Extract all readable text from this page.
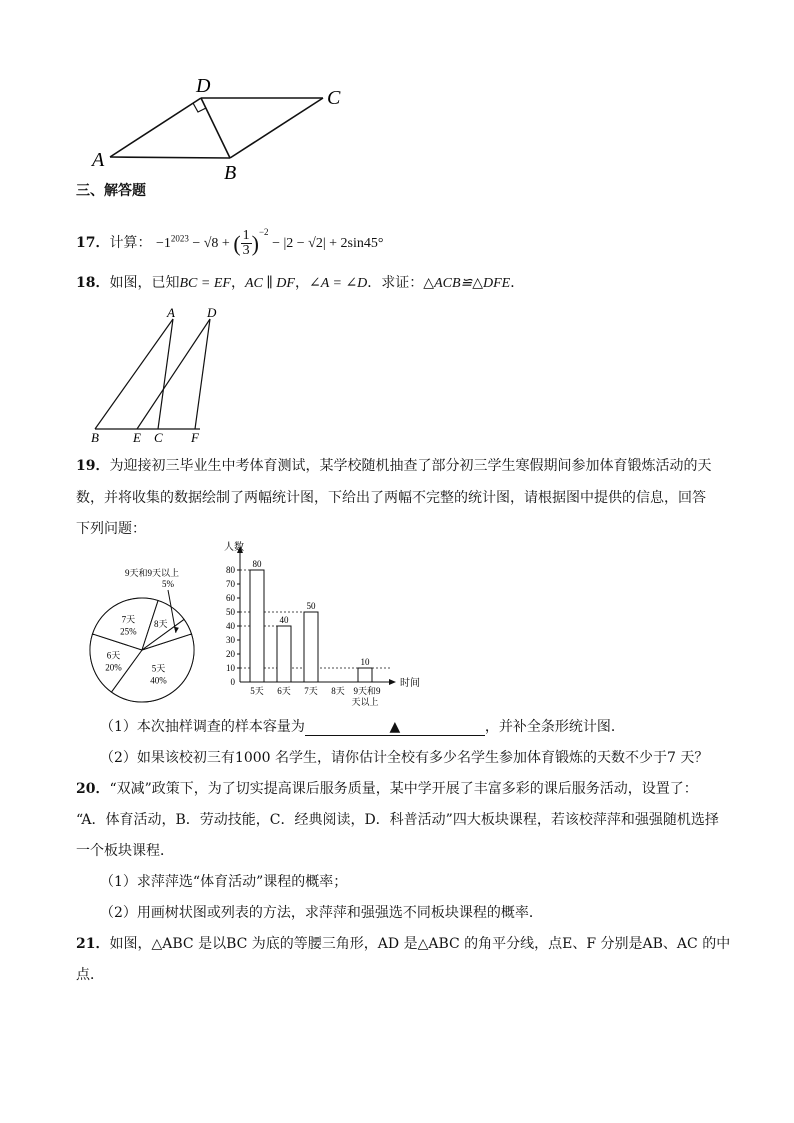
D
C
A
B
三、解答题
17．计算： $-1^{2023} - √8$ + ( $\frac{1}{3} )^{-2} - |2 - √2| + 2\sin 45^\circ$
18．如图，已知BC = EF，AC ∥ DF，∠A = ∠D．求证：△ACB≌△DFE．
A D
B	E C F
19．为迎接初三毕业生中考体育测试，某学校随机抽查了部分初三学生寒假期间参加体育锻炼活动的天
数，并将收集的数据绘制了两幅统计图，下给出了两幅不完整的统计图，请根据图中提供的信息，回答
下列问题：
5天
40%
6天
20%
7天
25%
8天
9天和9天以上
5%
人数
时间
0
10
20
30
40
50
60
70
80
80
5天
40
6天
50
7天 8天
10
9天和9
天以上
（1）本次抽样调查的样本容量为	▲	，并补全条形统计图．
（2）如果该校初三有1000 名学生，请你估计全校有多少名学生参加体育锻炼的天数不少于7 天？
20．“双减”政策下，为了切实提高课后服务质量，某中学开展了丰富多彩的课后服务活动，设置了：
“A．体育活动，B．劳动技能，C．经典阅读，D．科普活动”四大板块课程，若该校萍萍和强强随机选择
一个板块课程．
（1）求萍萍选“体育活动”课程的概率；
（2）用画树状图或列表的方法，求萍萍和强强选不同板块课程的概率．
21．如图，△ABC 是以BC 为底的等腰三角形，AD 是△ABC 的角平分线，点E、F 分别是AB、AC 的中
点．
